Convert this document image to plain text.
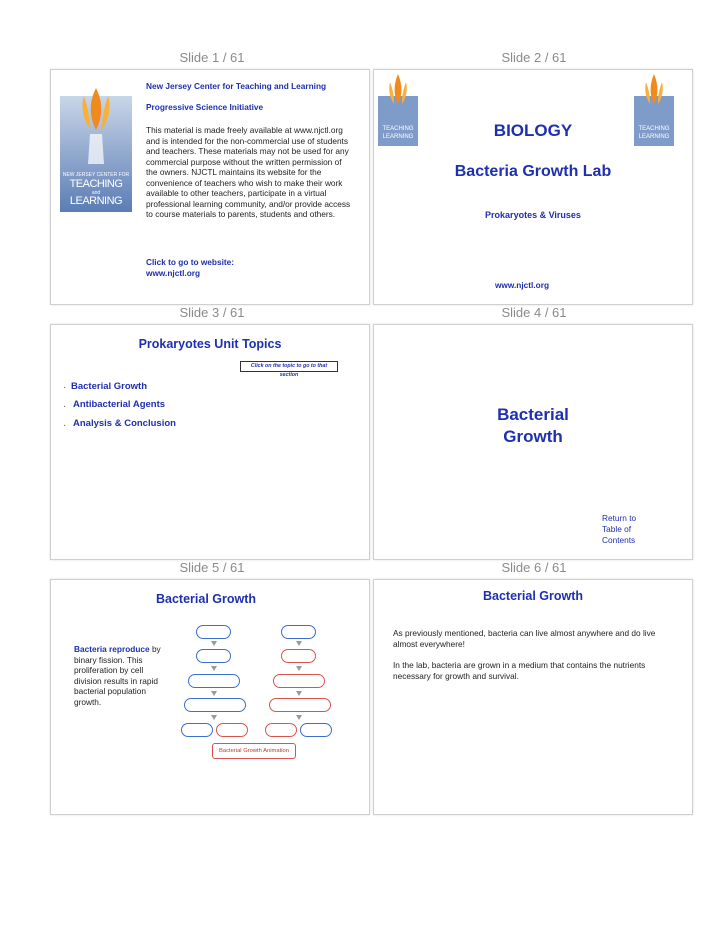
Slide 1 / 61	Slide 2 / 61
Slide 3 / 61	Slide 4 / 61
Slide 5 / 61	Slide 6 / 61
NEW JERSEY CENTER FOR
TEACHING
and
LEARNING
New Jersey Center for Teaching and Learning
Progressive Science Initiative
This material is made freely available at www.njctl.org and is intended for the non-commercial use of students and teachers. These materials may not be used for any commercial purpose without the written permission of the owners. NJCTL maintains its website for the convenience of teachers who wish to make their work available to other teachers, participate in a virtual professional learning community, and/or provide access to course materials to parents, students and others.
Click to go to website:
www.njctl.org
TEACHING
LEARNING
TEACHING
LEARNING
BIOLOGY
Bacteria Growth Lab
Prokaryotes & Viruses
www.njctl.org
Prokaryotes Unit Topics
Click on the topic to go to that section
· Bacterial Growth
· Antibacterial Agents
· Analysis & Conclusion	Bacterial
Growth
Return to
Table of
Contents
Bacterial Growth
Bacteria reproduce by binary fission. This proliferation by cell division results in rapid bacterial population growth.
Bacterial Growth Animation
Bacterial Growth
As previously mentioned, bacteria can live almost anywhere and do live almost everywhere!
In the lab, bacteria are grown in a medium that contains the nutrients necessary for growth and survival.
